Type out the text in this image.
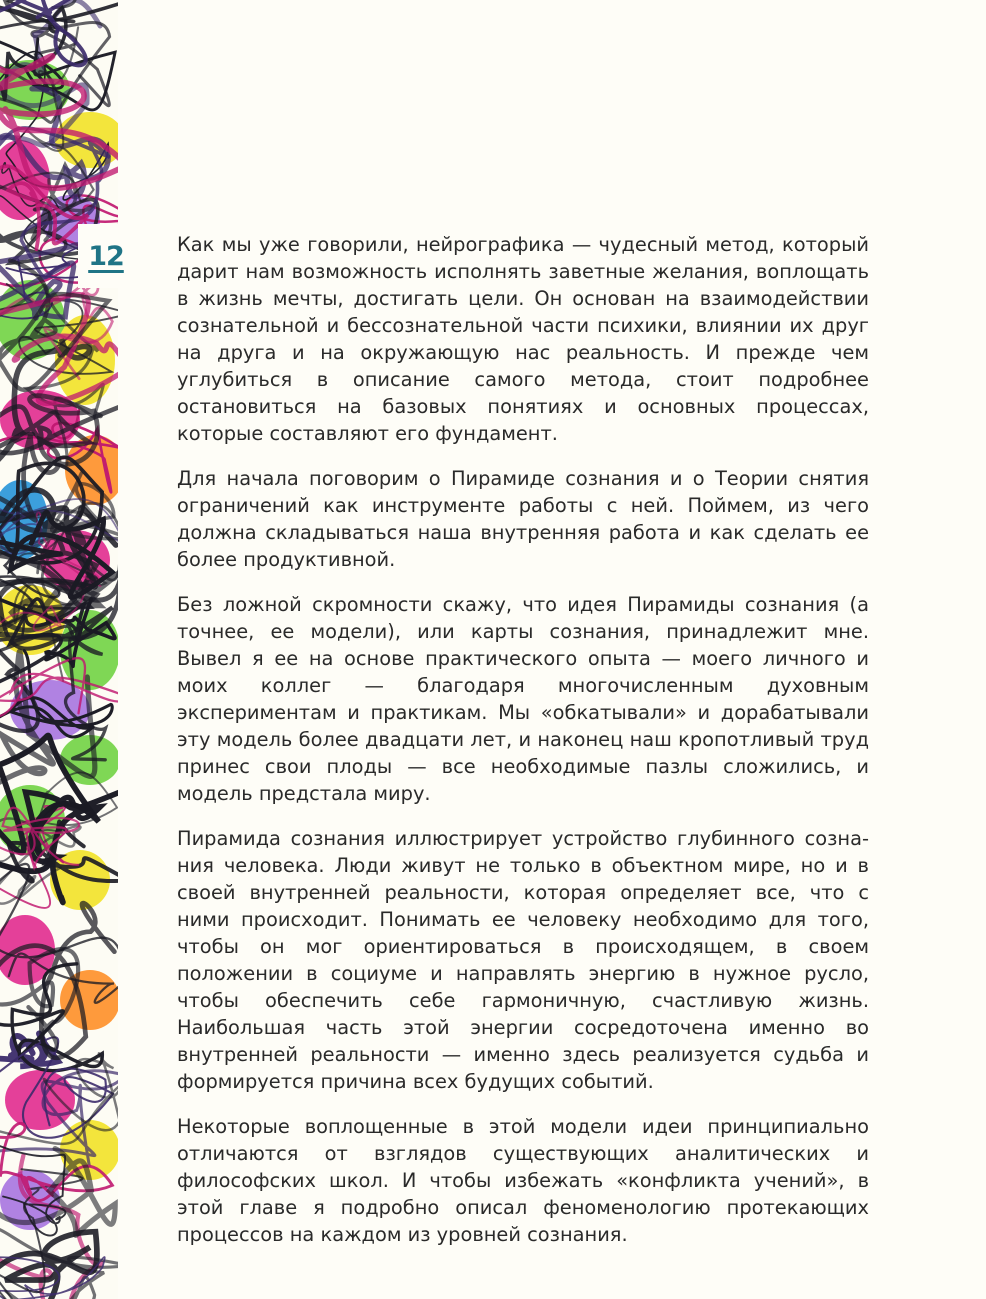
12	Как мы уже говорили, нейрографика — чудесный метод, который дарит нам возможность исполнять заветные желания, воплощать в жизнь мечты, достигать цели. Он основан на взаимодействии сознательной и бессознательной части психики, влиянии их друг на друга и на окружающую нас реальность. И прежде чем углубиться в описание самого метода, стоит подробнее остановиться на базовых понятиях и основных процессах, которые составляют его фундамент.

Для начала поговорим о Пирамиде сознания и о Теории снятия ограничений как инструменте работы с ней. Поймем, из чего должна складываться наша внутренняя работа и как сделать ее более продуктивной.

Без ложной скромности скажу, что идея Пирамиды сознания (а точнее, ее модели), или карты сознания, принадлежит мне. Вывел я ее на основе практического опыта — моего личного и моих коллег — благодаря многочисленным духовным экспериментам и практикам. Мы «обкатывали» и дорабатывали эту модель более двадцати лет, и наконец наш кропотливый труд принес свои плоды — все необходимые пазлы сложились, и модель предстала миру.

Пирамида сознания иллюстрирует устройство глубинного сознания человека. Люди живут не только в объектном мире, но и в своей внутренней реальности, которая определяет все, что с ними происходит. Понимать ее человеку необходимо для того, чтобы он мог ориентироваться в происходящем, в своем положении в социуме и направлять энергию в нужное русло, чтобы обеспечить себе гармоничную, счастливую жизнь. Наибольшая часть этой энергии сосредоточена именно во внутренней реальности — именно здесь реализуется судьба и формируется причина всех будущих событий.

Некоторые воплощенные в этой модели идеи принципиально отличаются от взглядов существующих аналитических и философских школ. И чтобы избежать «конфликта учений», в этой главе я подробно описал феноменологию протекающих процессов на каждом из уровней сознания.
